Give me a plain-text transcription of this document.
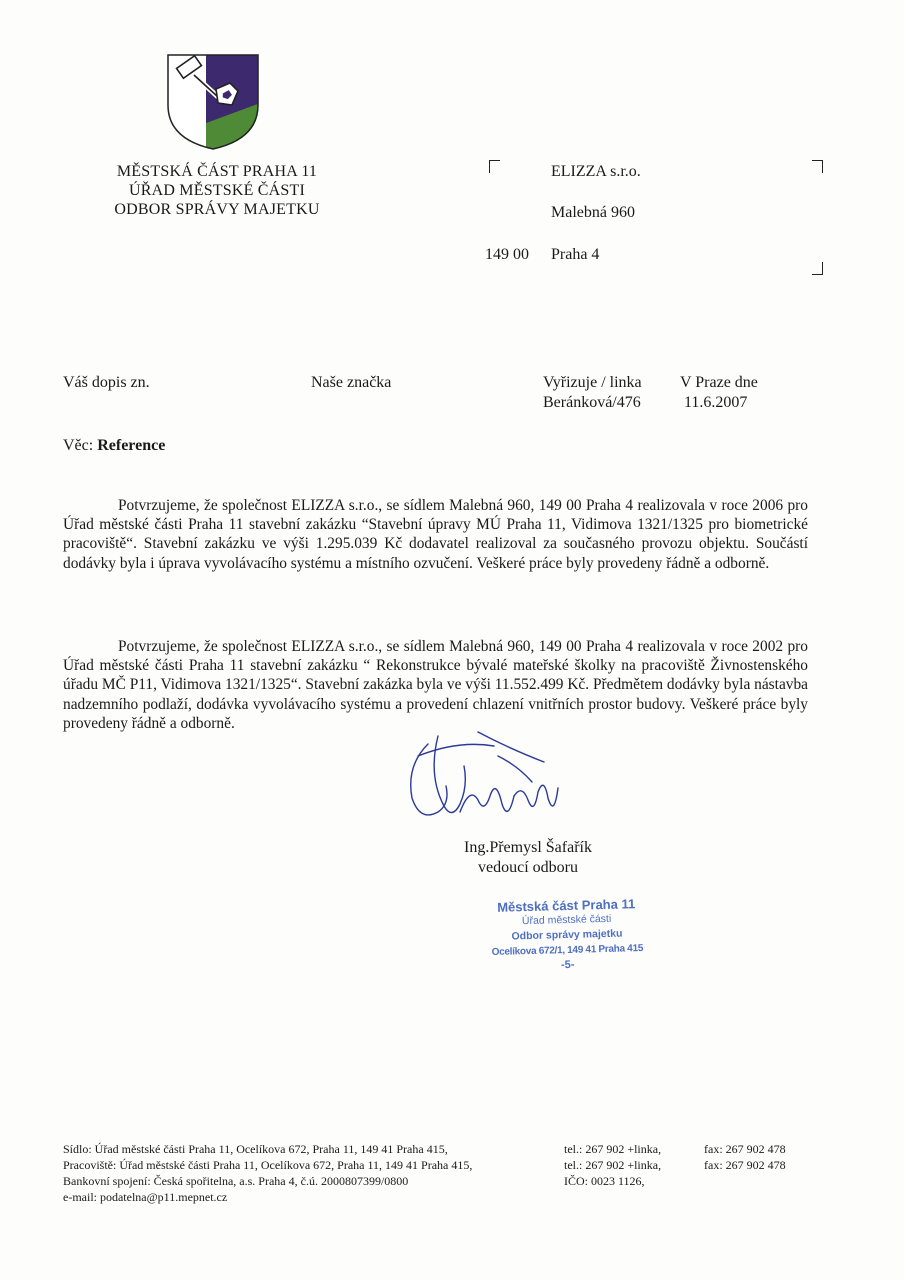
MĚSTSKÁ ČÁST PRAHA 11
ÚŘAD MĚSTSKÉ ČÁSTI
ODBOR SPRÁVY MAJETKU
ELIZZA s.r.o.
Malebná 960
149 00 Praha 4
Váš dopis zn.	Naše značka	Vyřizuje / linka
Beránková/476
V Praze dne
11.6.2007
Věc: Reference

Potvrzujeme, že společnost ELIZZA s.r.o., se sídlem Malebná 960, 149 00 Praha 4 realizovala v roce 2006 pro Úřad městské části Praha 11 stavební zakázku “Stavební úpravy MÚ Praha 11, Vidimova 1321/1325 pro biometrické pracoviště“. Stavební zakázku ve výši 1.295.039 Kč dodavatel realizoval za současného provozu objektu. Součástí dodávky byla i úprava vyvolávacího systému a místního ozvučení. Veškeré práce byly provedeny řádně a odborně.

Potvrzujeme, že společnost ELIZZA s.r.o., se sídlem Malebná 960, 149 00 Praha 4 realizovala v roce 2002 pro Úřad městské části Praha 11 stavební zakázku “ Rekonstrukce bývalé mateřské školky na pracoviště Živnostenského úřadu MČ P11, Vidimova 1321/1325“. Stavební zakázka byla ve výši 11.552.499 Kč. Předmětem dodávky byla nástavba nadzemního podlaží, dodávka vyvolávacího systému a provedení chlazení vnitřních prostor budovy. Veškeré práce byly provedeny řádně a odborně.

Ing.Přemysl Šafařík
vedoucí odboru
Městská část Praha 11
Úřad městské části
Odbor správy majetku
Ocelíkova 672/1, 149 41 Praha 415
-5-
Sídlo: Úřad městské části Praha 11, Ocelíkova 672, Praha 11, 149 41 Praha 415,
Pracoviště: Úřad městské části Praha 11, Ocelíkova 672, Praha 11, 149 41 Praha 415,
Bankovní spojení: Česká spořitelna, a.s. Praha 4, č.ú. 2000807399/0800
e-mail: podatelna@p11.mepnet.cz
tel.: 267 902 +linka,
tel.: 267 902 +linka,
IČO: 0023 1126,
fax: 267 902 478
fax: 267 902 478
